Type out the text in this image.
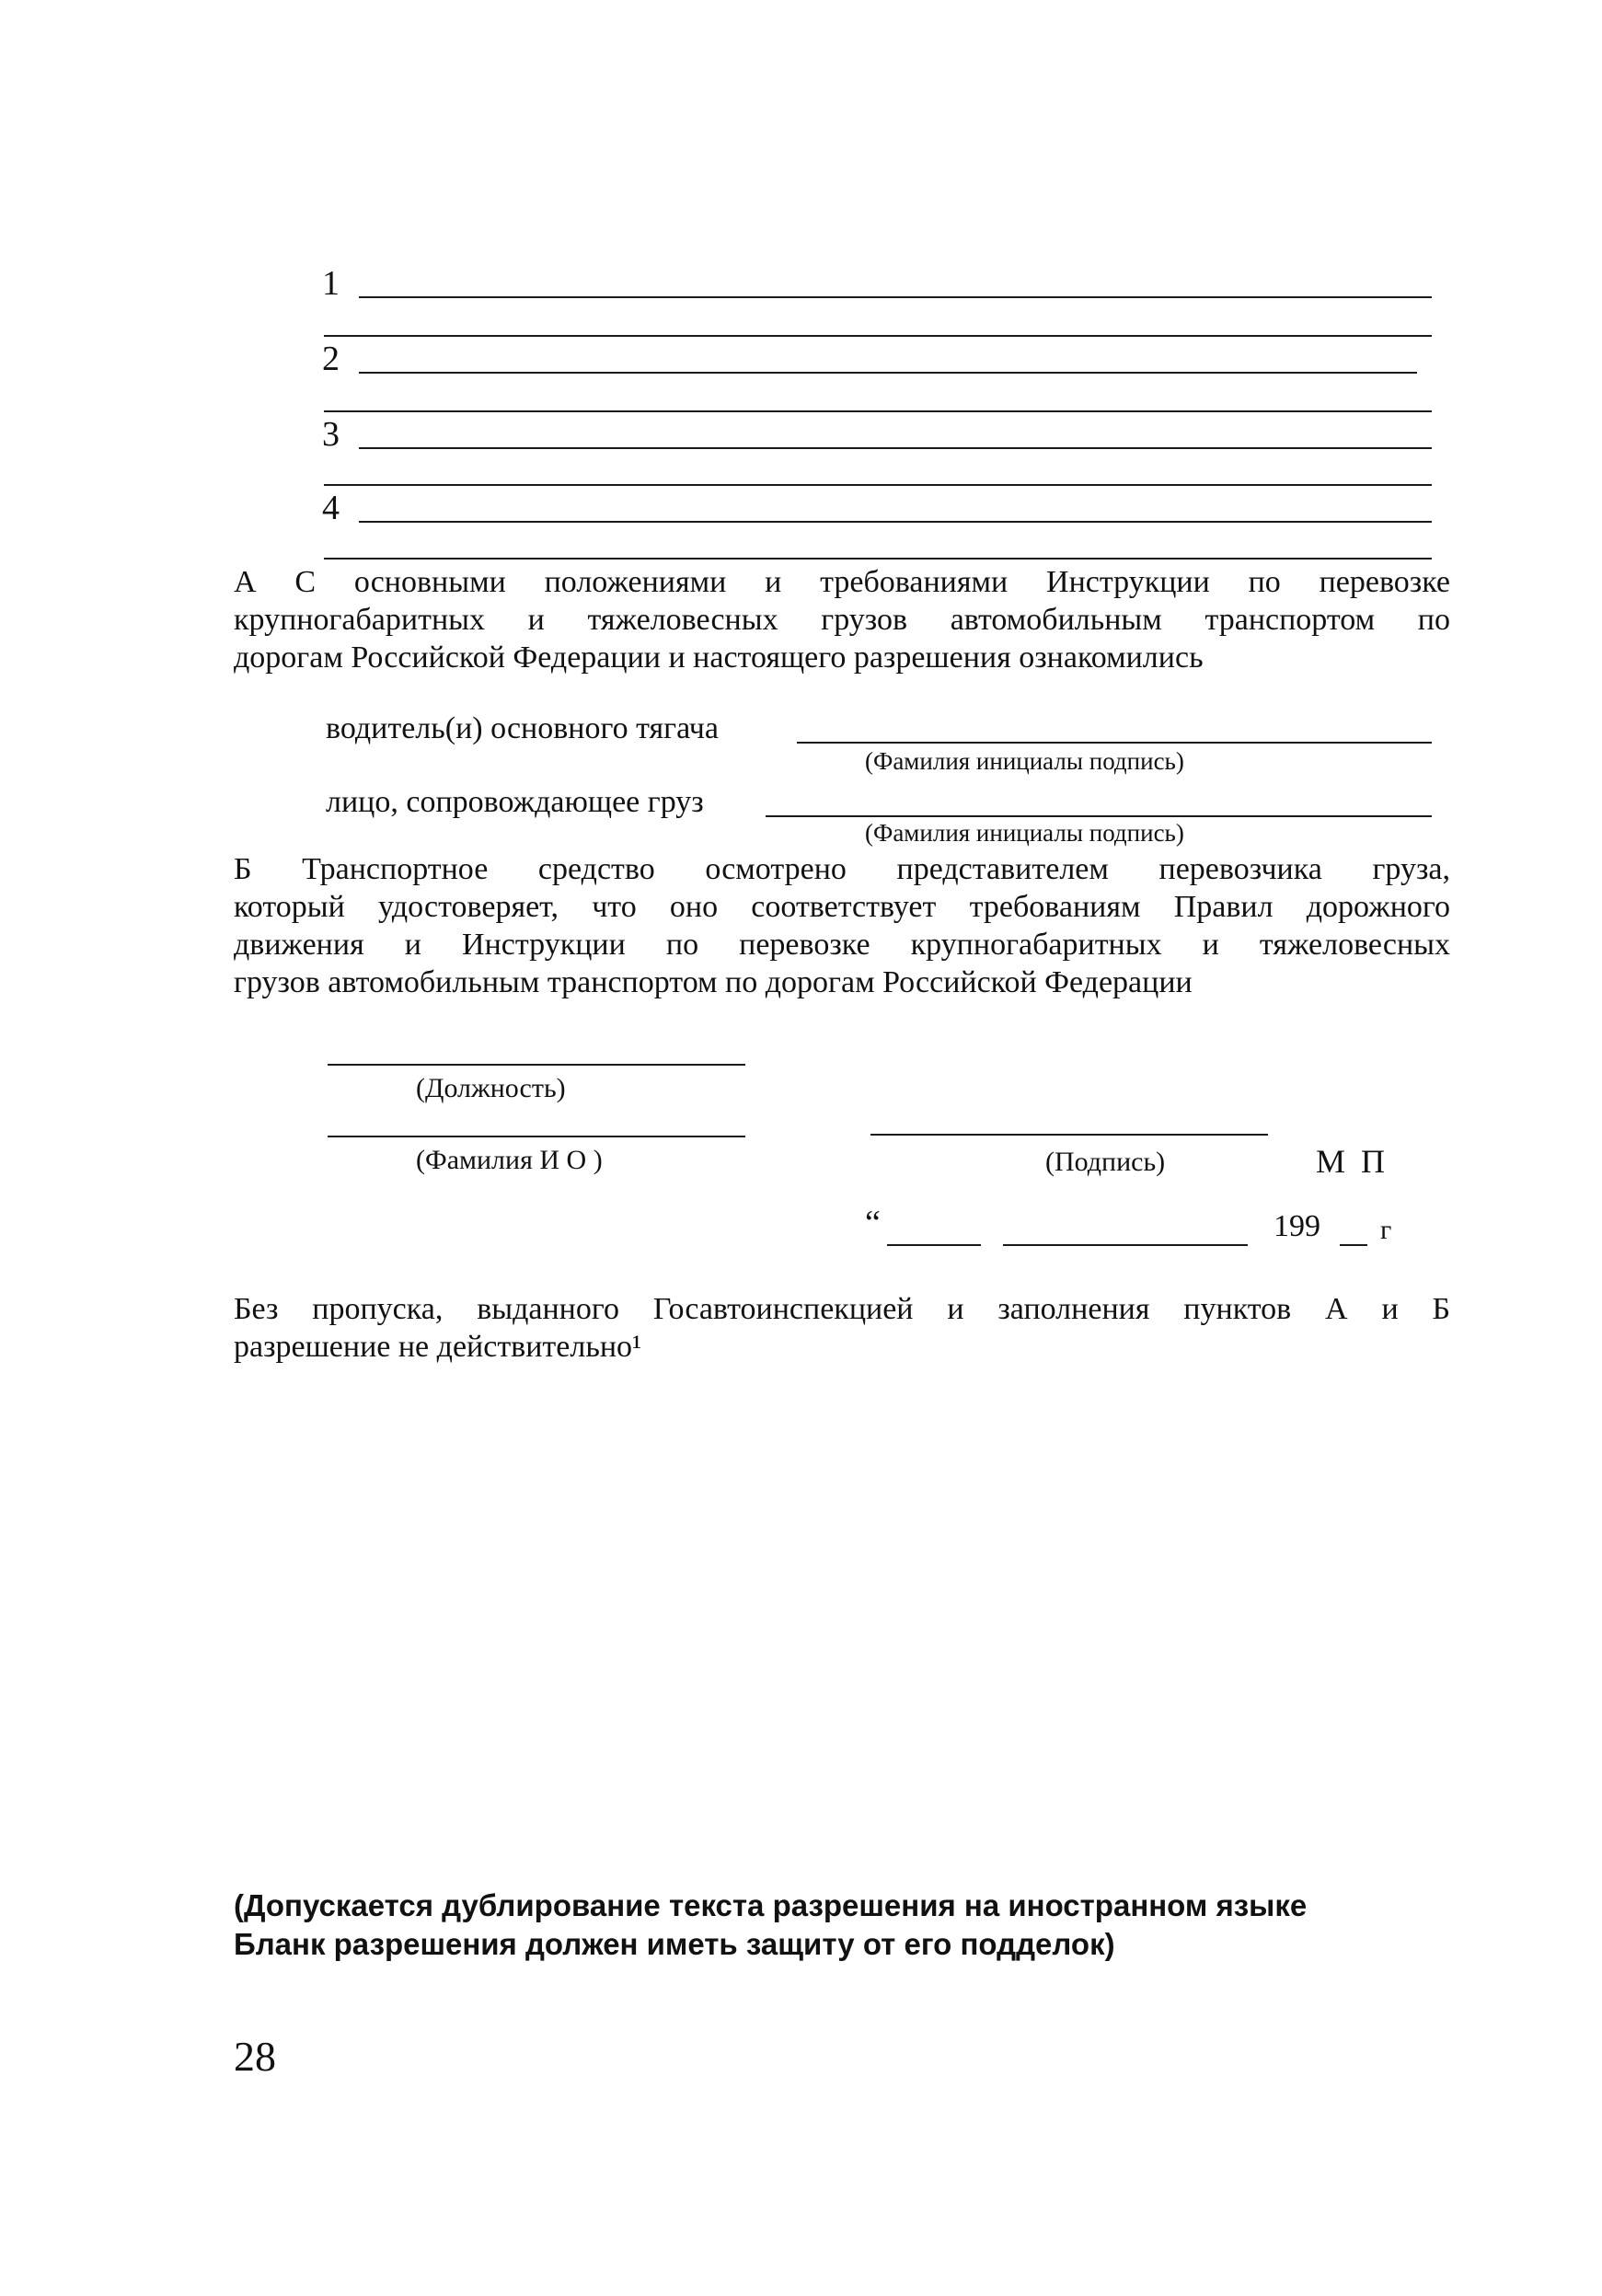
1
2
3
4
А С основными положениями и требованиями Инструкции по перевозке
крупногабаритных и тяжеловесных грузов автомобильным транспортом по
дорогам Российской Федерации и настоящего разрешения ознакомились
водитель(и) основного тягача
(Фамилия инициалы подпись)
лицо, сопровождающее груз
(Фамилия инициалы подпись)
Б Транспортное средство осмотрено представителем перевозчика груза,
который удостоверяет, что оно соответствует требованиям Правил дорожного
движения и Инструкции по перевозке крупногабаритных и тяжеловесных
грузов автомобильным транспортом по дорогам Российской Федерации
(Должность)
(Фамилия И О )	(Подпись)	М П
“	199 г
Без пропуска, выданного Госавтоинспекцией и заполнения пунктов А и Б
разрешение не действительно¹
(Допускается дублирование текста разрешения на иностранном языке
Бланк разрешения должен иметь защиту от его подделок)
28
